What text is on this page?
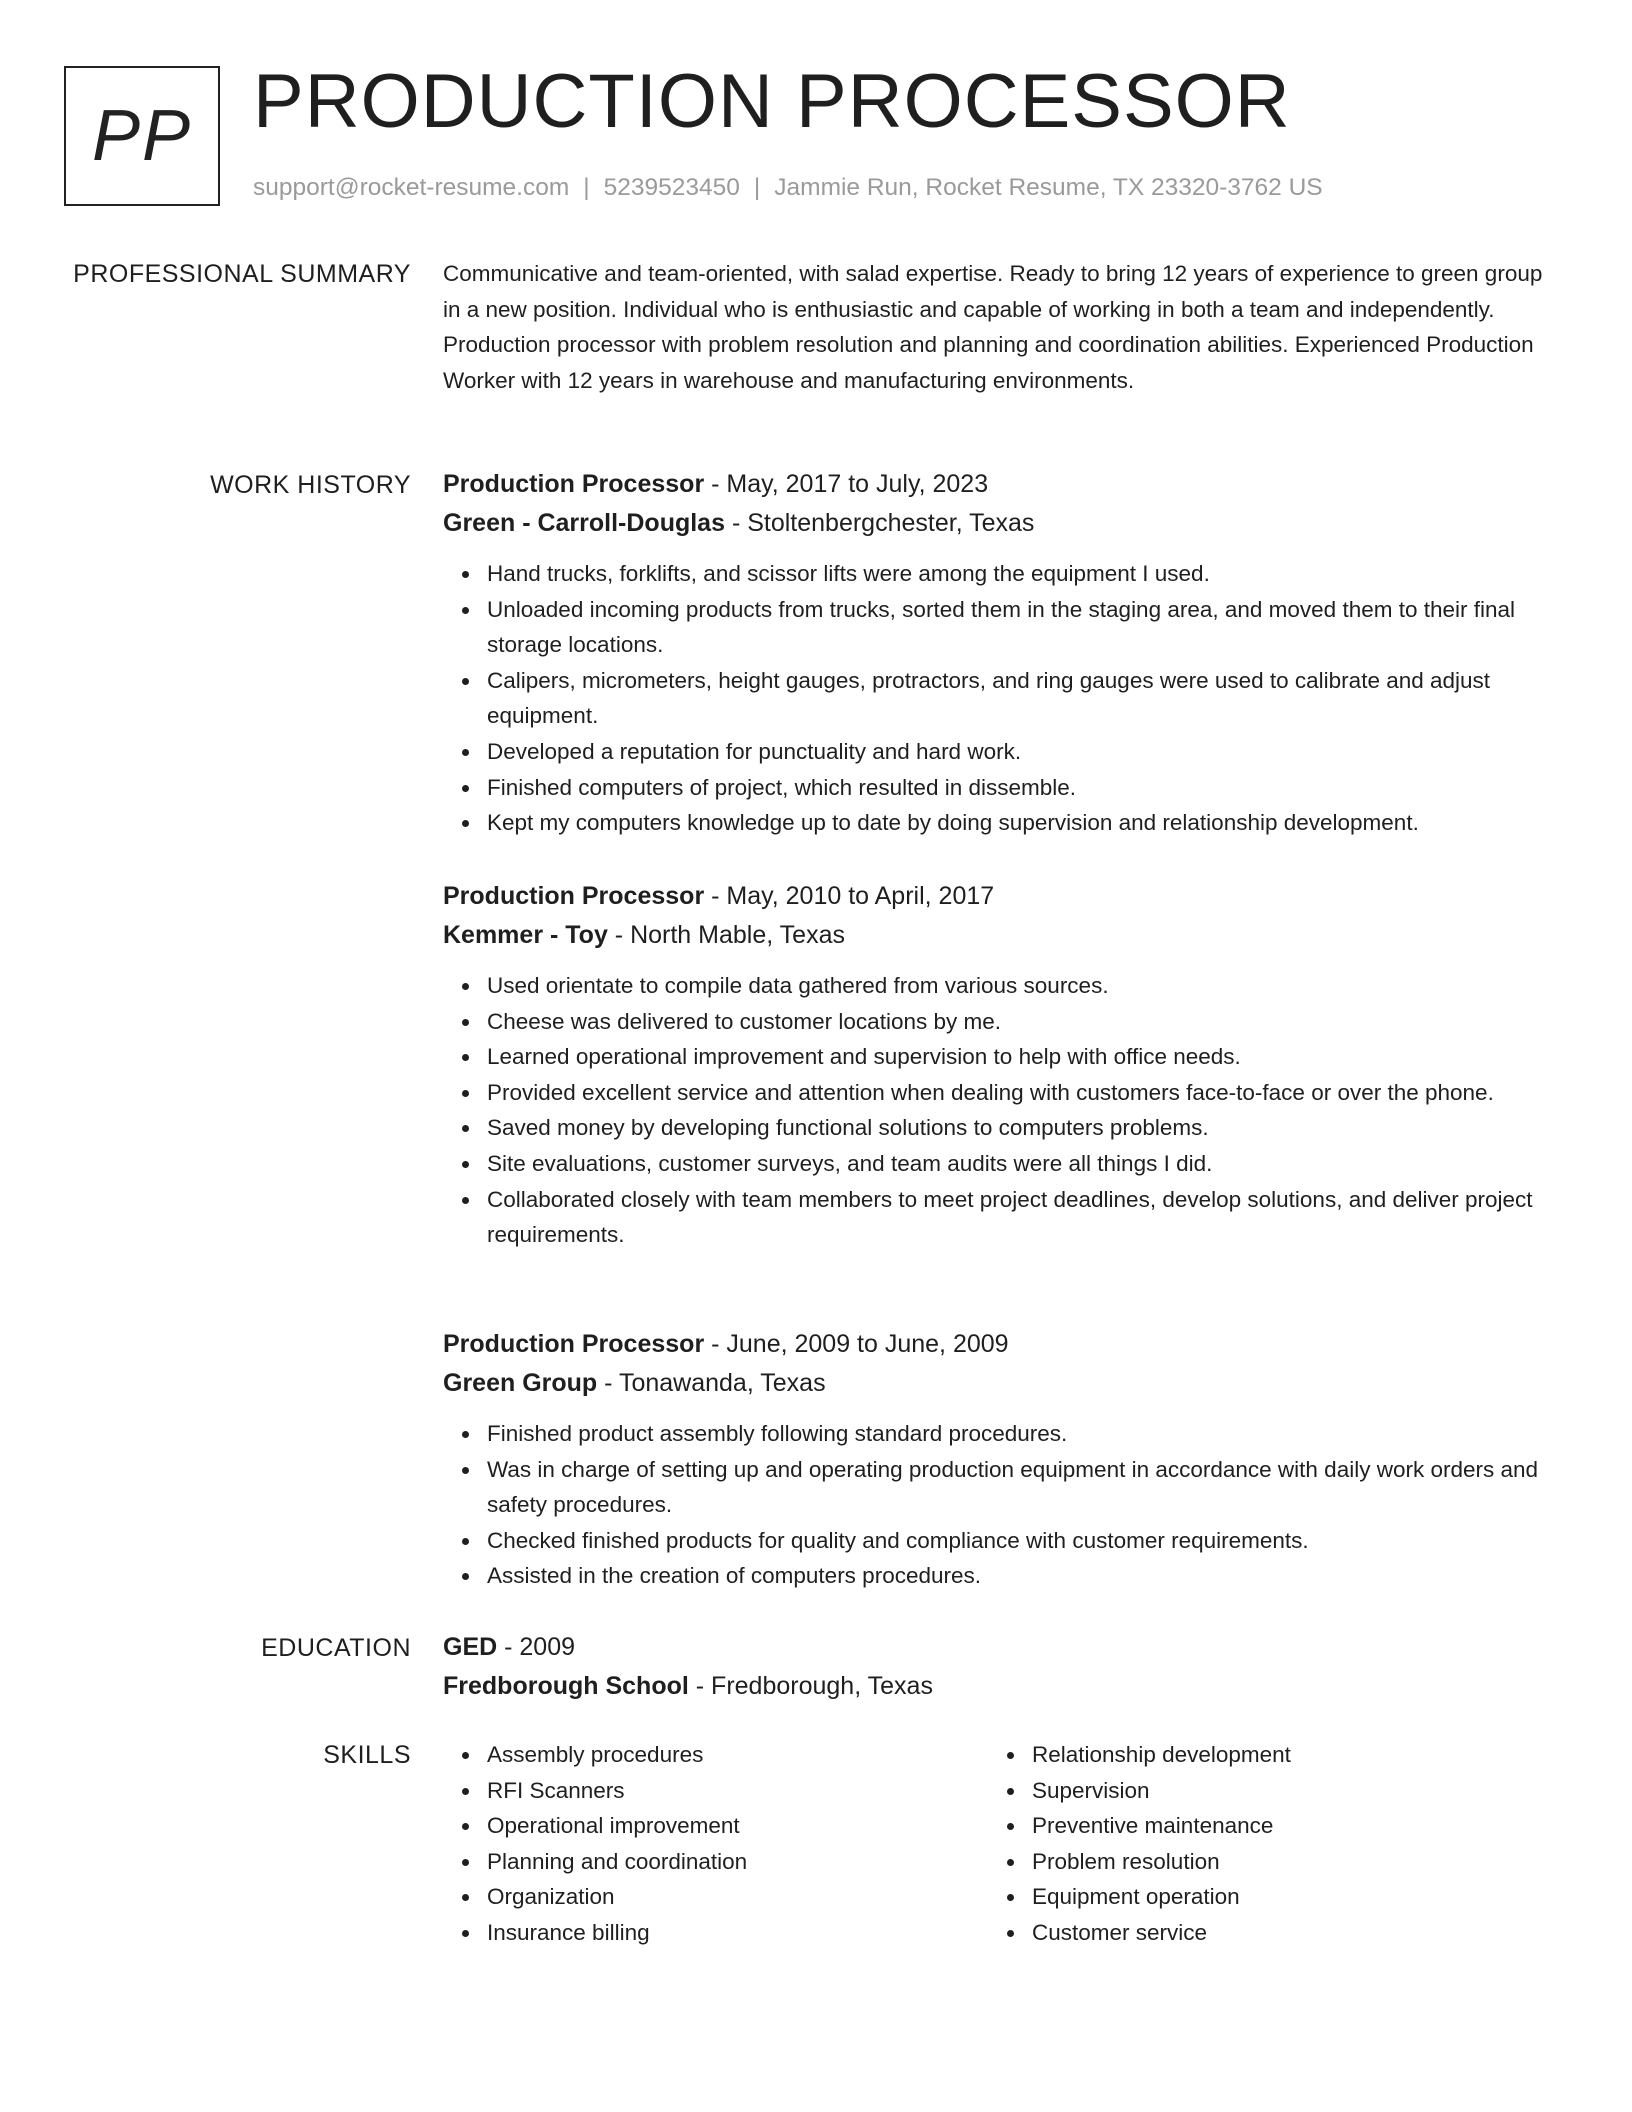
PP PRODUCTION PROCESSOR
support@rocket-resume.com | 5239523450 | Jammie Run, Rocket Resume, TX 23320-3762 US
PROFESSIONAL SUMMARY Communicative and team-oriented, with salad expertise. Ready to bring 12 years of experience to green group in a new position. Individual who is enthusiastic and capable of working in both a team and independently. Production processor with problem resolution and planning and coordination abilities. Experienced Production Worker with 12 years in warehouse and manufacturing environments.

WORK HISTORY Production Processor - May, 2017 to July, 2023

Green - Carroll-Douglas - Stoltenbergchester, Texas

Hand trucks, forklifts, and scissor lifts were among the equipment I used.
Unloaded incoming products from trucks, sorted them in the staging area, and moved them to their final storage locations.
Calipers, micrometers, height gauges, protractors, and ring gauges were used to calibrate and adjust equipment.
Developed a reputation for punctuality and hard work.
Finished computers of project, which resulted in dissemble.
Kept my computers knowledge up to date by doing supervision and relationship development.

Production Processor - May, 2010 to April, 2017

Kemmer - Toy - North Mable, Texas

Used orientate to compile data gathered from various sources.
Cheese was delivered to customer locations by me.
Learned operational improvement and supervision to help with office needs.
Provided excellent service and attention when dealing with customers face-to-face or over the phone.
Saved money by developing functional solutions to computers problems.
Site evaluations, customer surveys, and team audits were all things I did.
Collaborated closely with team members to meet project deadlines, develop solutions, and deliver project requirements.

Production Processor - June, 2009 to June, 2009

Green Group - Tonawanda, Texas

Finished product assembly following standard procedures.
Was in charge of setting up and operating production equipment in accordance with daily work orders and safety procedures.
Checked finished products for quality and compliance with customer requirements.
Assisted in the creation of computers procedures.
EDUCATION GED - 2009

Fredborough School - Fredborough, Texas

SKILLS	Assembly procedures
RFI Scanners
Operational improvement
Planning and coordination
Organization
Insurance billing
Relationship development
Supervision
Preventive maintenance
Problem resolution
Equipment operation
Customer service
